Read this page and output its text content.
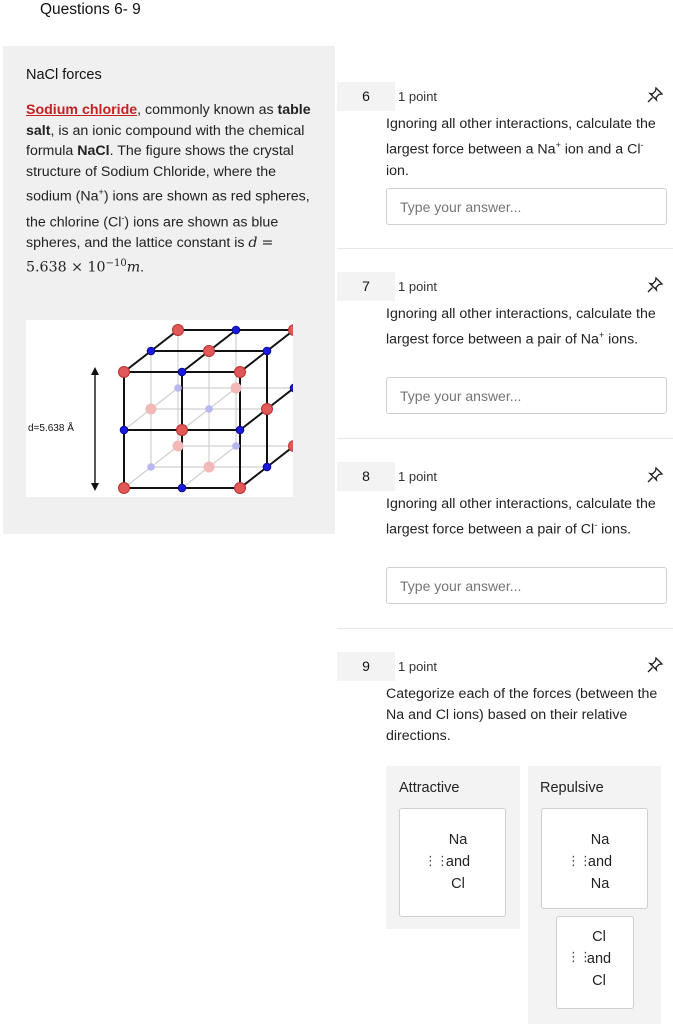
Questions 6- 9
NaCl forces
Sodium chloride, commonly known as table salt, is an ionic compound with the chemical formula NaCl. The figure shows the crystal structure of Sodium Chloride, where the sodium (Na+) ions are shown as red spheres, the chlorine (Cl-) ions are shown as blue spheres, and the lattice constant is $d = 5.638 \times 10^{-10}m$.
d=5.638 Å
6	1 point
Ignoring all other interactions, calculate the largest force between a Na+ ion and a Cl- ion.
Type your answer...
7	1 point
Ignoring all other interactions, calculate the largest force between a pair of Na+ ions.
Type your answer...
8	1 point
Ignoring all other interactions, calculate the largest force between a pair of Cl- ions.
Type your answer...
9	1 point
Categorize each of the forces (between the Na and Cl ions) based on their relative directions.
Attractive
⋮⋮
Na
and
Cl
Repulsive
⋮⋮
Na
and
Na
⋮⋮
Cl
and
Cl
